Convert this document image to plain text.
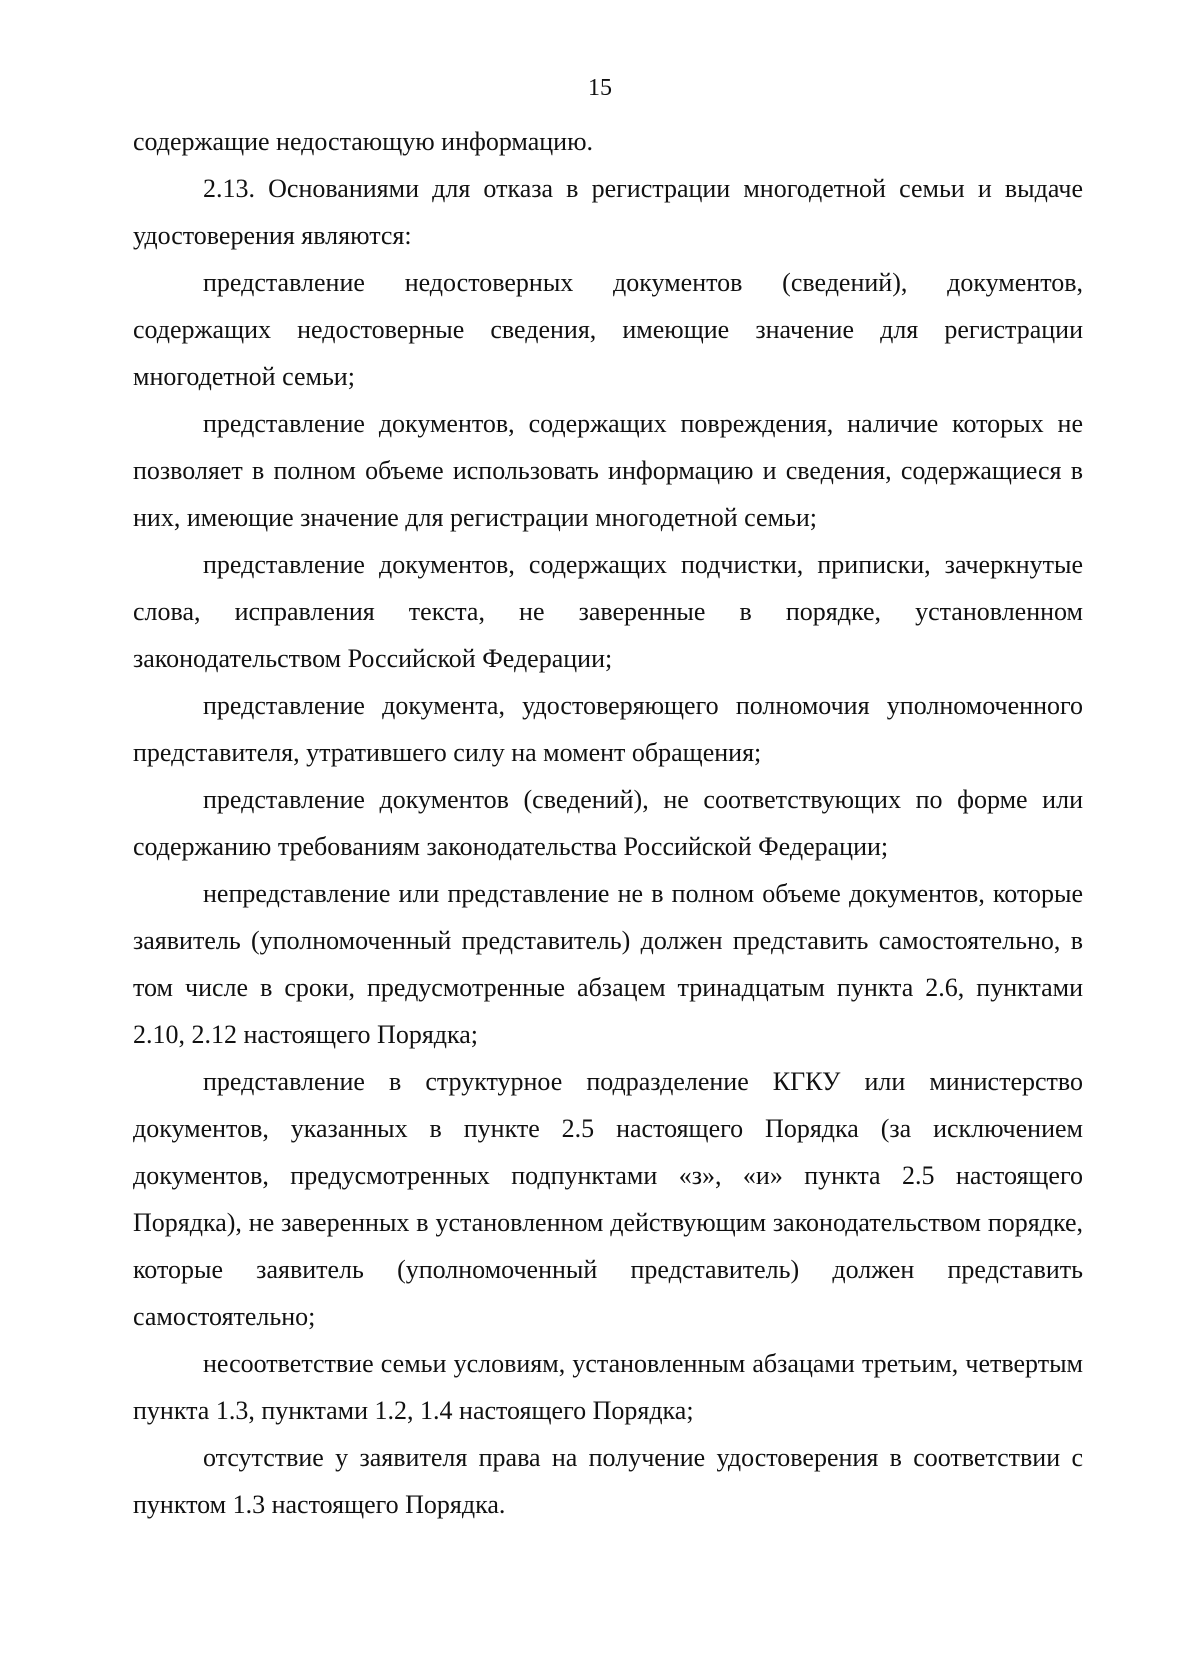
15

содержащие недостающую информацию.

2.13. Основаниями для отказа в регистрации многодетной семьи и выдаче удостоверения являются:

представление недостоверных документов (сведений), документов, содержащих недостоверные сведения, имеющие значение для регистрации многодетной семьи;

представление документов, содержащих повреждения, наличие которых не позволяет в полном объеме использовать информацию и сведения, содержащиеся в них, имеющие значение для регистрации многодетной семьи;

представление документов, содержащих подчистки, приписки, зачеркнутые слова, исправления текста, не заверенные в порядке, установленном законодательством Российской Федерации;

представление документа, удостоверяющего полномочия уполномоченного представителя, утратившего силу на момент обращения;

представление документов (сведений), не соответствующих по форме или содержанию требованиям законодательства Российской Федерации;

непредставление или представление не в полном объеме документов, которые заявитель (уполномоченный представитель) должен представить самостоятельно, в том числе в сроки, предусмотренные абзацем тринадцатым пункта 2.6, пунктами 2.10, 2.12 настоящего Порядка;

представление в структурное подразделение КГКУ или министерство документов, указанных в пункте 2.5 настоящего Порядка (за исключением документов, предусмотренных подпунктами «з», «и» пункта 2.5 настоящего Порядка), не заверенных в установленном действующим законодательством порядке, которые заявитель (уполномоченный представитель) должен представить самостоятельно;

несоответствие семьи условиям, установленным абзацами третьим, четвертым пункта 1.3, пунктами 1.2, 1.4 настоящего Порядка;

отсутствие у заявителя права на получение удостоверения в соответствии с пунктом 1.3 настоящего Порядка.
